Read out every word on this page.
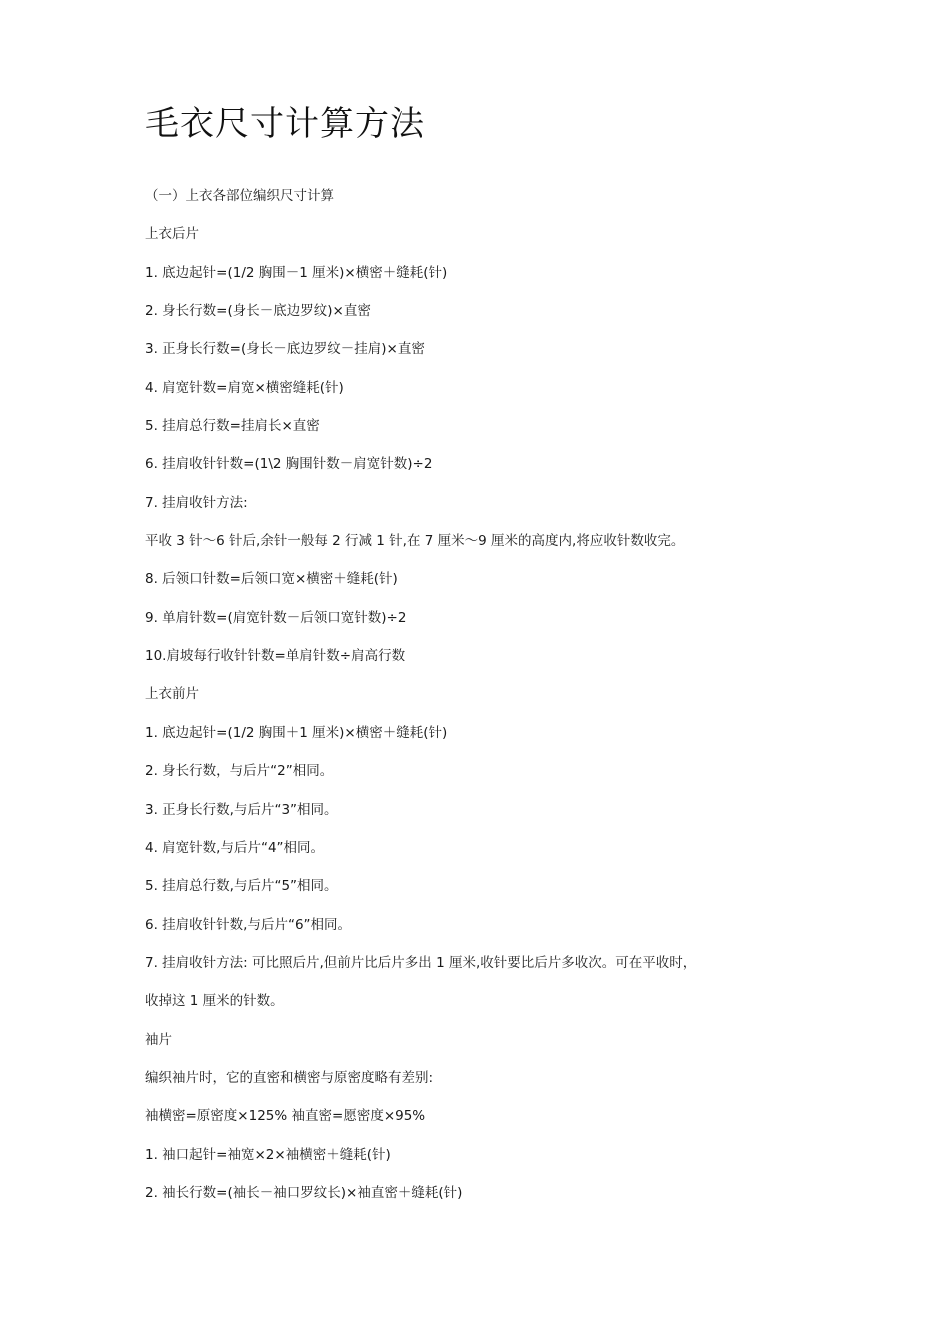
毛衣尺寸计算方法
（一）上衣各部位编织尺寸计算
上衣后片
1. 底边起针=(1/2 胸围－1 厘米)×横密＋缝耗(针)
2. 身长行数=(身长－底边罗纹)×直密
3. 正身长行数=(身长－底边罗纹－挂肩)×直密
4. 肩宽针数=肩宽×横密缝耗(针)
5. 挂肩总行数=挂肩长×直密
6. 挂肩收针针数=(1\2 胸围针数－肩宽针数)÷2
7. 挂肩收针方法:
平收 3 针～6 针后,余针一般每 2 行减 1 针,在 7 厘米～9 厘米的高度内,将应收针数收完。
8. 后领口针数=后领口宽×横密＋缝耗(针)
9. 单肩针数=(肩宽针数－后领口宽针数)÷2
10.肩坡每行收针针数=单肩针数÷肩高行数
上衣前片
1. 底边起针=(1/2 胸围＋1 厘米)×横密＋缝耗(针)
2. 身长行数，与后片“2”相同。
3. 正身长行数,与后片“3”相同。
4. 肩宽针数,与后片“4”相同。
5. 挂肩总行数,与后片“5”相同。
6. 挂肩收针针数,与后片“6”相同。
7. 挂肩收针方法: 可比照后片,但前片比后片多出 1 厘米,收针要比后片多收次。可在平收时，
收掉这 1 厘米的针数。
袖片
编织袖片时，它的直密和横密与原密度略有差别:
袖横密=原密度×125% 袖直密=愿密度×95%
1. 袖口起针=袖宽×2×袖横密＋缝耗(针)
2. 袖长行数=(袖长－袖口罗纹长)×袖直密＋缝耗(针)
